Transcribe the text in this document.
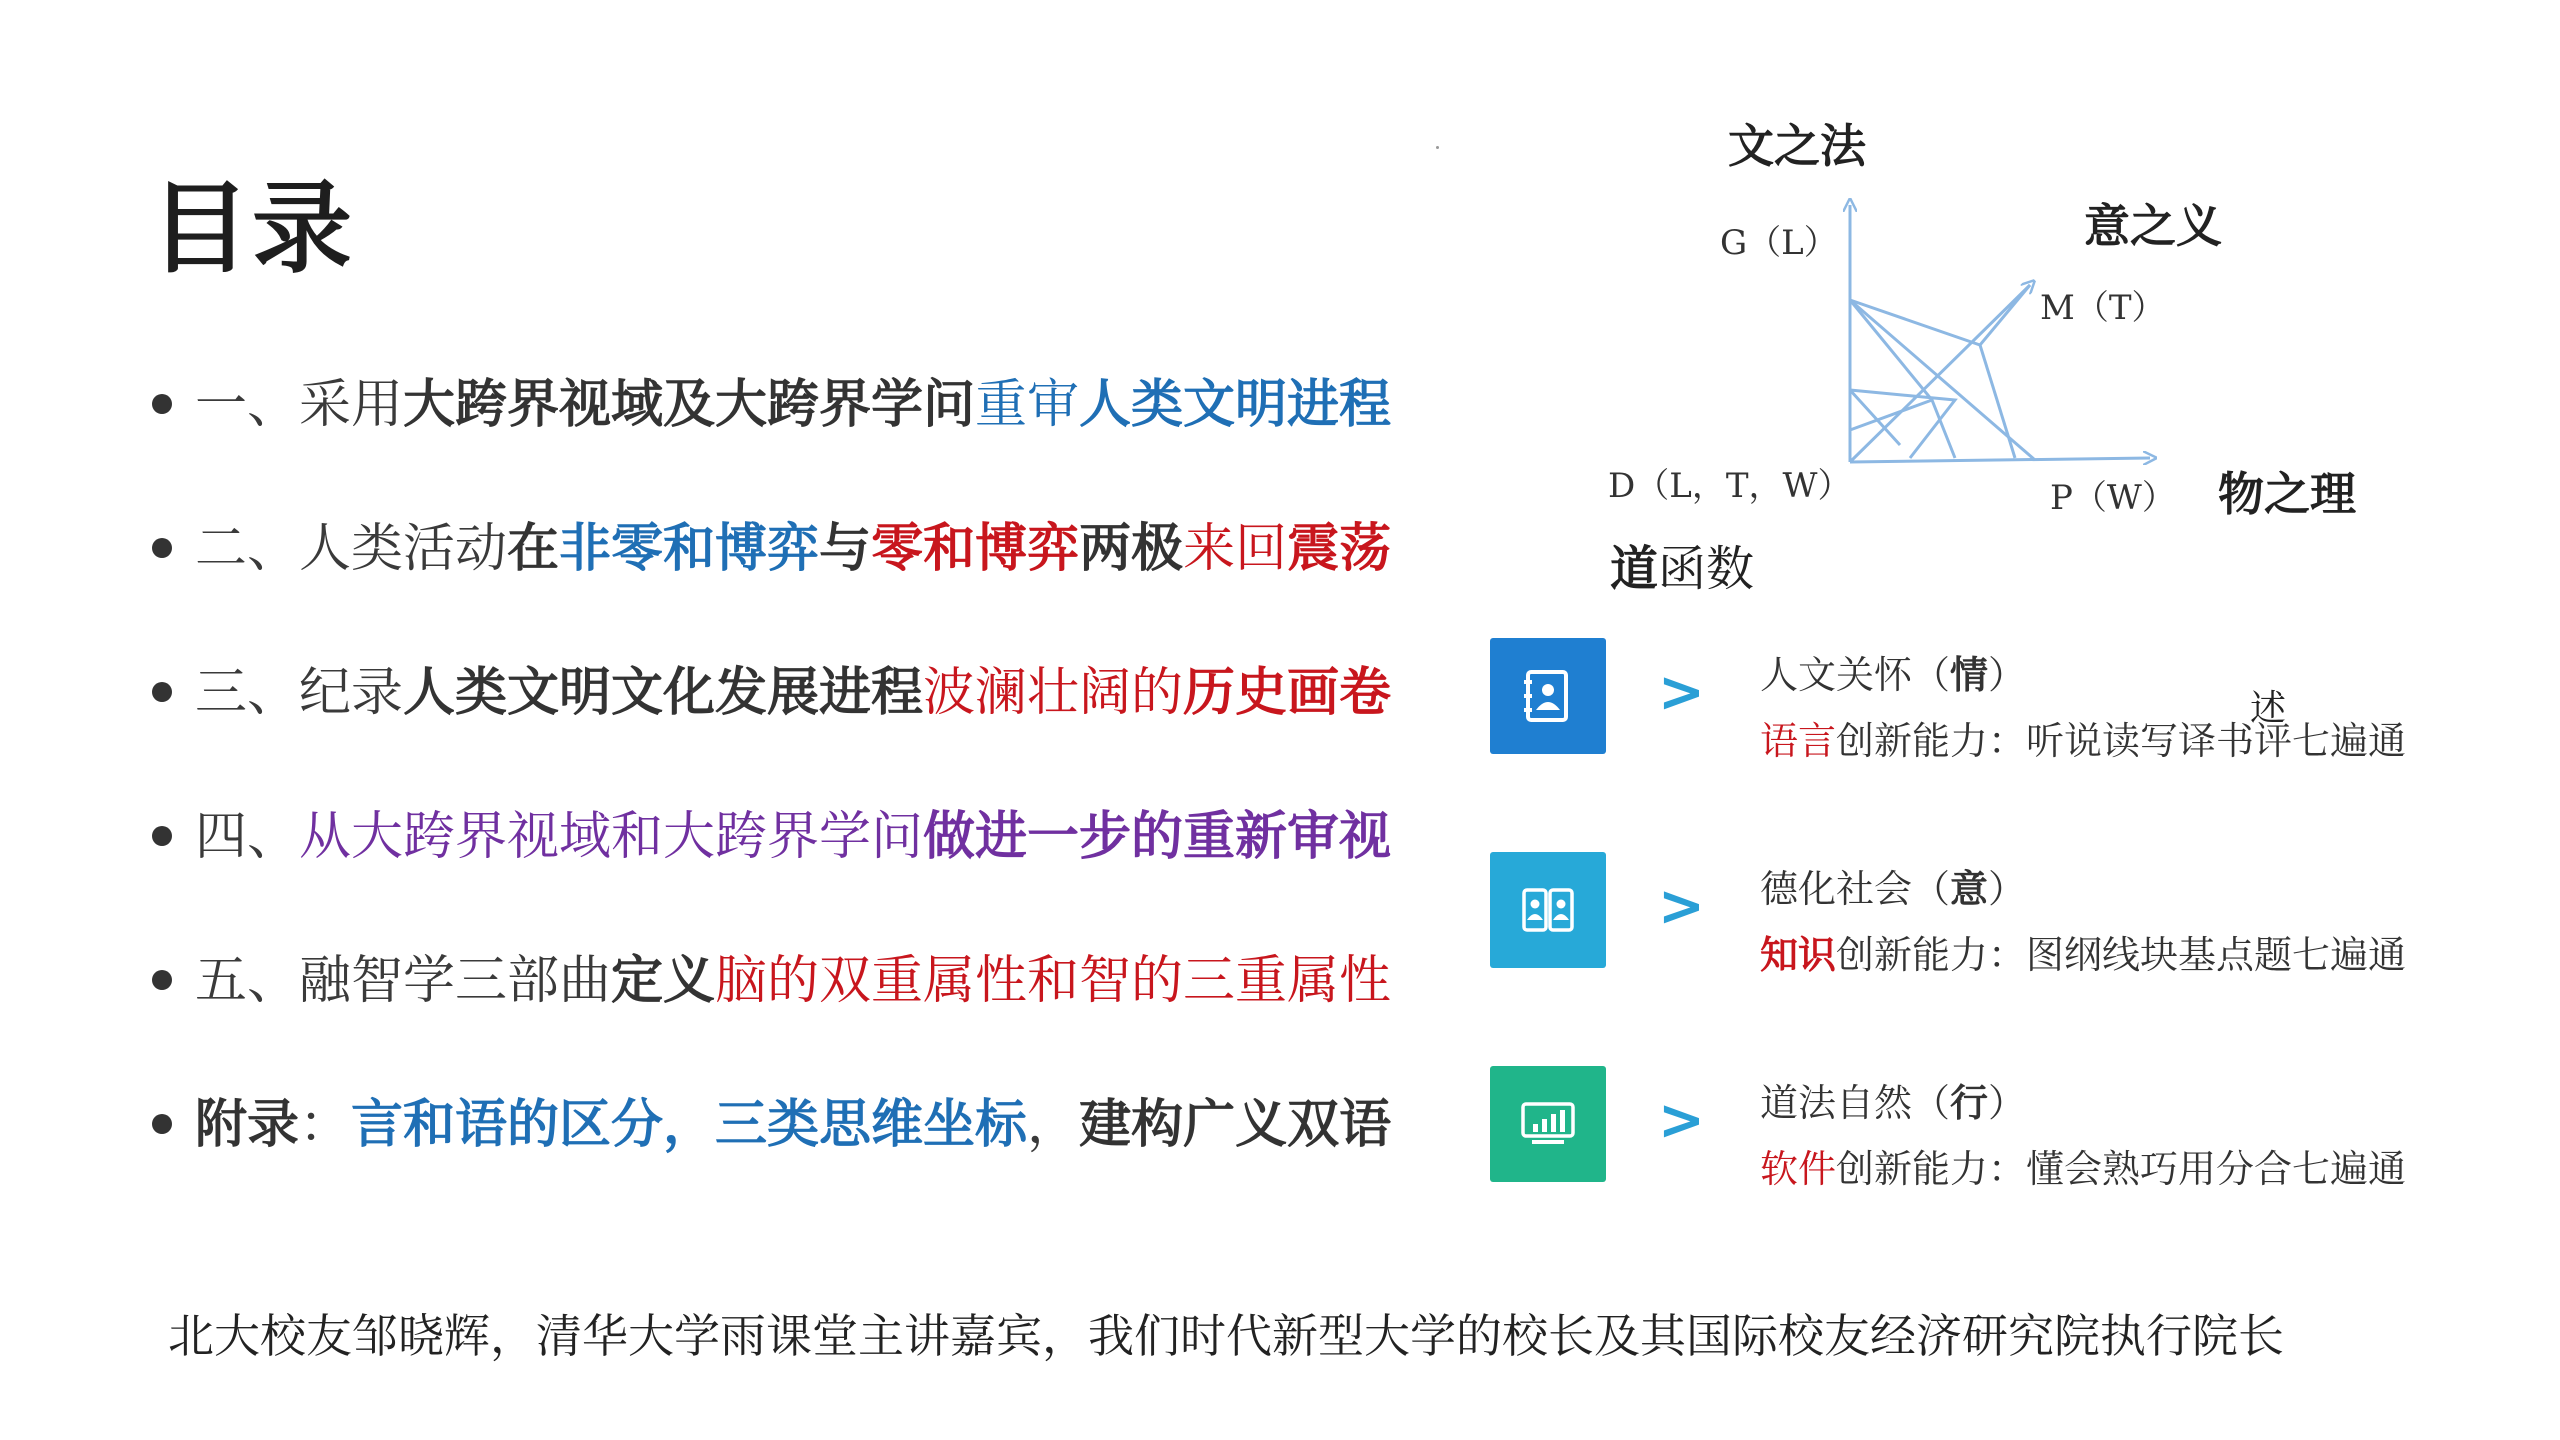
目录
一、采用大跨界视域及大跨界学问重审人类文明进程
二、人类活动在非零和博弈与零和博弈两极来回震荡
三、纪录人类文明文化发展进程波澜壮阔的历史画卷
四、从大跨界视域和大跨界学问做进一步的重新审视
五、融智学三部曲定义脑的双重属性和智的三重属性
附录：言和语的区分，三类思维坐标，建构广义双语
G（L）
M（T）
D（L，T，W）	P（W）
文之法
意之义
物之理
道函数
> 人文关怀（情）
语言创新能力：听说读写译书评七遍通
> 德化社会（意）
知识创新能力：图纲线块基点题七遍通
> 道法自然（行）
软件创新能力：懂会熟巧用分合七遍通
述
北大校友邹晓辉，清华大学雨课堂主讲嘉宾，我们时代新型大学的校长及其国际校友经济研究院执行院长
